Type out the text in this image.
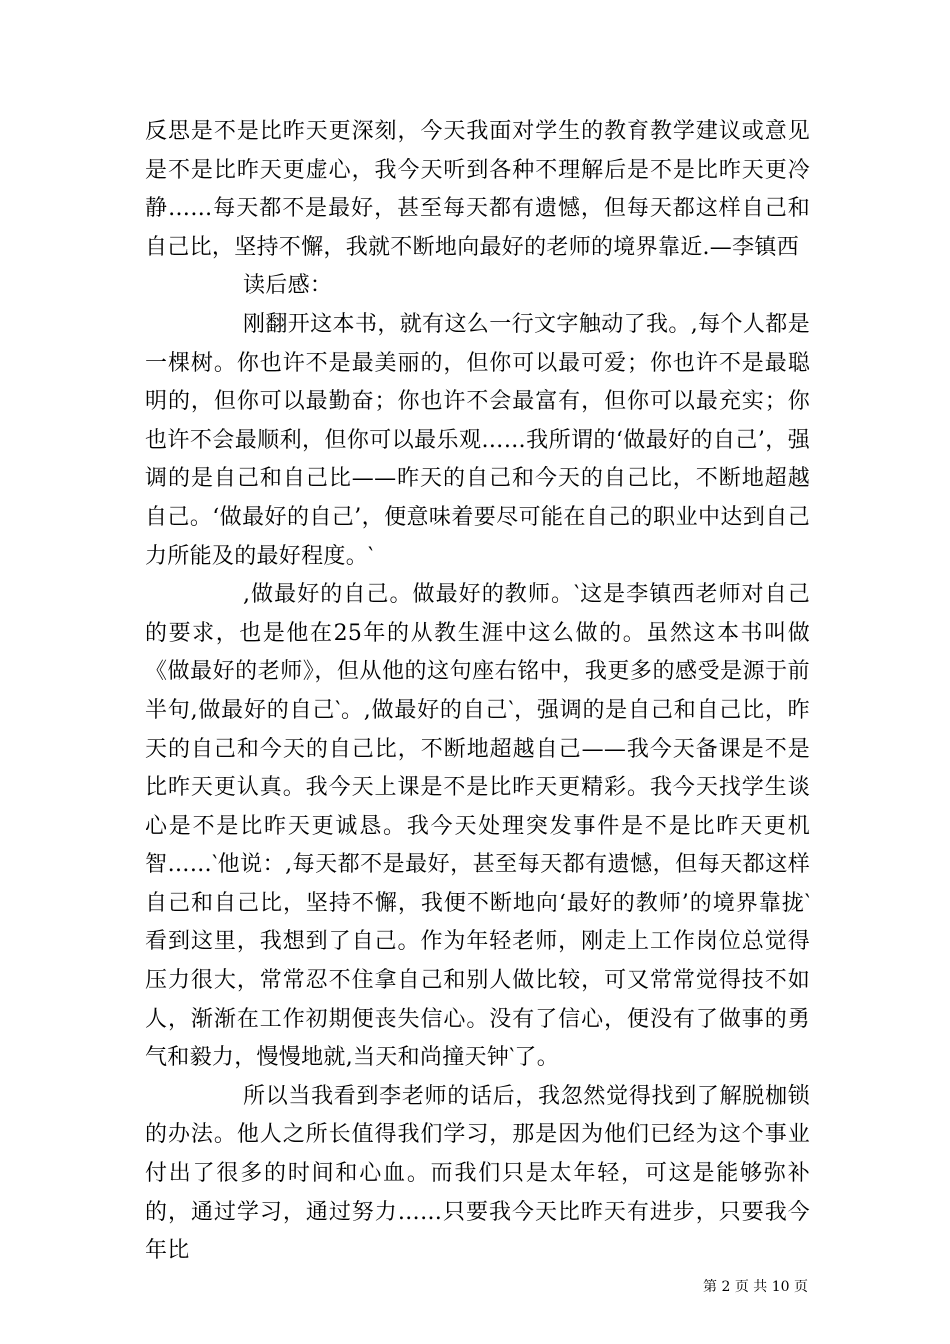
反思是不是比昨天更深刻，今天我面对学生的教育教学建议或意见是不是比昨天更虚心，我今天听到各种不理解后是不是比昨天更冷静……每天都不是最好，甚至每天都有遗憾，但每天都这样自己和自己比，坚持不懈，我就不断地向最好的老师的境界靠近.—李镇西

读后感：

刚翻开这本书，就有这么一行文字触动了我。,每个人都是一棵树。你也许不是最美丽的，但你可以最可爱；你也许不是最聪明的，但你可以最勤奋；你也许不会最富有，但你可以最充实；你也许不会最顺利，但你可以最乐观……我所谓的‘做最好的自己’，强调的是自己和自己比——昨天的自己和今天的自己比，不断地超越自己。‘做最好的自己’，便意味着要尽可能在自己的职业中达到自己力所能及的最好程度。‵

,做最好的自己。做最好的教师。‵这是李镇西老师对自己的要求，也是他在25年的从教生涯中这么做的。虽然这本书叫做《做最好的老师》，但从他的这句座右铭中，我更多的感受是源于前半句,做最好的自己‵。,做最好的自己‵，强调的是自己和自己比，昨天的自己和今天的自己比，不断地超越自己——我今天备课是不是比昨天更认真。我今天上课是不是比昨天更精彩。我今天找学生谈心是不是比昨天更诚恳。我今天处理突发事件是不是比昨天更机智……‵他说：,每天都不是最好，甚至每天都有遗憾，但每天都这样自己和自己比，坚持不懈，我便不断地向‘最好的教师’的境界靠拢‵看到这里，我想到了自己。作为年轻老师，刚走上工作岗位总觉得压力很大，常常忍不住拿自己和别人做比较，可又常常觉得技不如人，渐渐在工作初期便丧失信心。没有了信心，便没有了做事的勇气和毅力，慢慢地就,当天和尚撞天钟‵了。

所以当我看到李老师的话后，我忽然觉得找到了解脱枷锁的办法。他人之所长值得我们学习，那是因为他们已经为这个事业付出了很多的时间和心血。而我们只是太年轻，可这是能够弥补的，通过学习，通过努力……只要我今天比昨天有进步，只要我今年比

第 2 页 共 10 页
